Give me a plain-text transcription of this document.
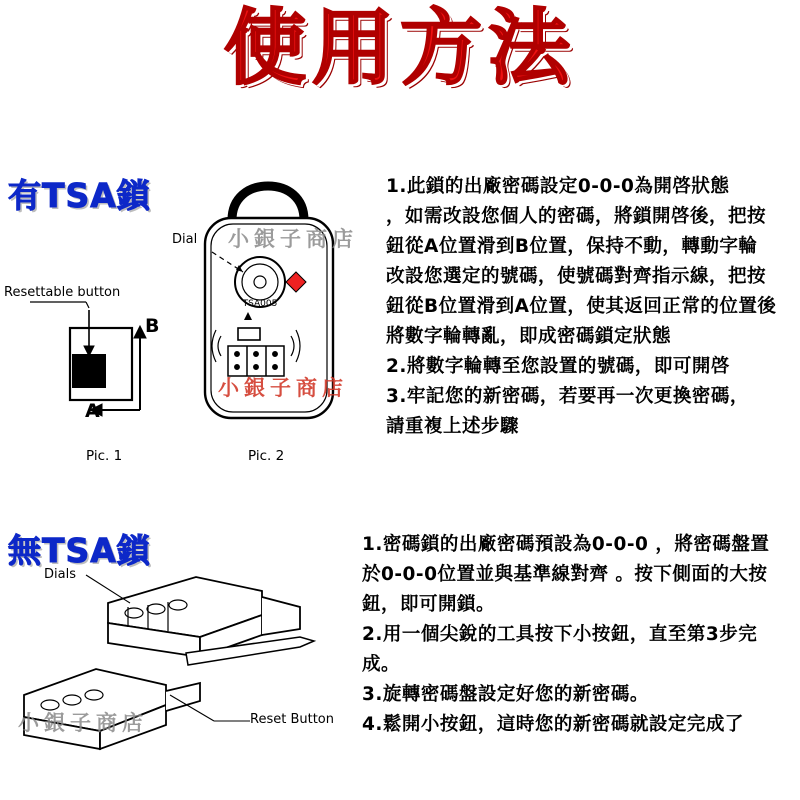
使用方法
有TSA鎖
TSA005
Dial
Resettable button
B
A
Pic. 1	Pic. 2

1.此鎖的出廠密碼設定0-0-0為開啓狀態

，如需改設您個人的密碼，將鎖開啓後，把按

鈕從A位置滑到B位置，保持不動，轉動字輪

改設您選定的號碼，使號碼對齊指示線，把按

鈕從B位置滑到A位置，使其返回正常的位置後

將數字輪轉亂，即成密碼鎖定狀態

2.將數字輪轉至您設置的號碼，即可開啓

3.牢記您的新密碼，若要再一次更換密碼，

請重複上述步驟

無TSA鎖
Dials
Reset Button

1.密碼鎖的出廠密碼預設為0-0-0 ，將密碼盤置

於0-0-0位置並與基準線對齊 。按下側面的大按

鈕，即可開鎖。

2.用一個尖銳的工具按下小按鈕，直至第3步完

成。

3.旋轉密碼盤設定好您的新密碼。

4.鬆開小按鈕，這時您的新密碼就設定完成了

小銀子商店
小銀子商店
小銀子商店
